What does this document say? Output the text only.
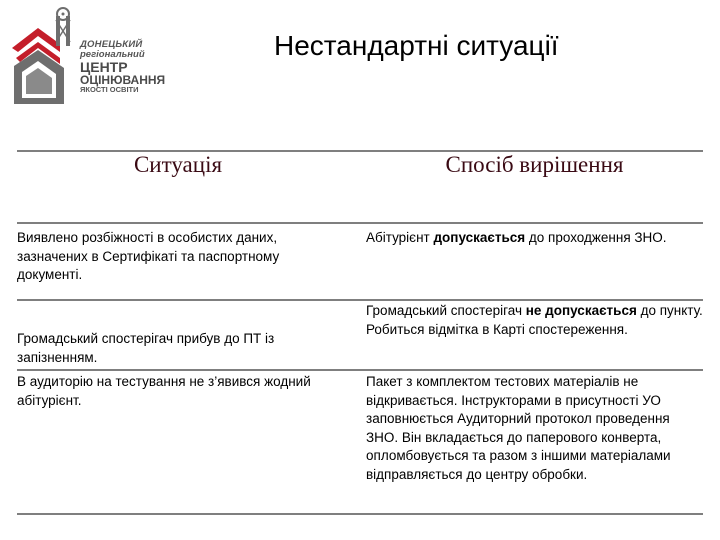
ДОНЕЦЬКИЙ
регіональний
ЦЕНТР
ОЦІНЮВАННЯ
ЯКОСТІ ОСВІТИ
Нестандартні ситуації
Ситуація		Спосіб вирішення
Виявлено розбіжності в особистих даних, зазначених в Сертифікаті та паспортному документі.		Абітурієнт допускається до проходження ЗНО.
Громадський спостерігач прибув до ПТ із запізненням.		Громадський спостерігач не допускається до пункту. Робиться відмітка в Карті спостереження.
В аудиторію на тестування не з’явився жодний абітурієнт.		Пакет з комплектом тестових матеріалів не відкривається. Інструкторами в присутності УО заповнюється Аудиторний протокол проведення ЗНО. Він вкладається до паперового конверта, опломбовується та разом з іншими матеріалами відправляється до центру обробки.
